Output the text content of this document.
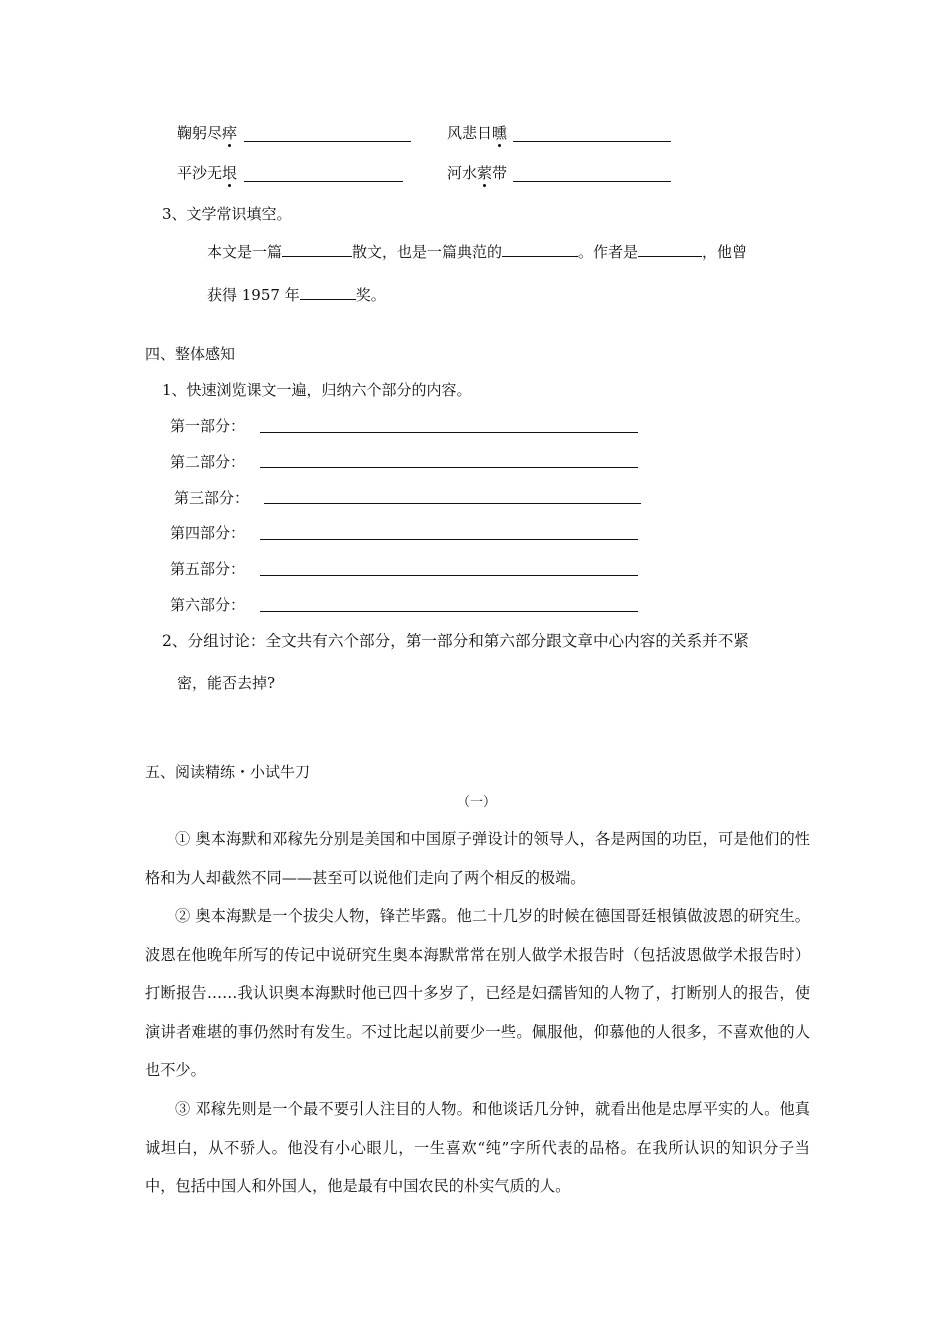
鞠躬尽瘁	风悲日曛
平沙无垠	河水萦带
3、文学常识填空。
本文是一篇	散文，也是一篇典范的	。作者是	，他曾
获得 1957 年	奖。
四、整体感知
1、快速浏览课文一遍，归纳六个部分的内容。
第一部分：
第二部分：
第三部分：
第四部分：
第五部分：
第六部分：
2、分组讨论：全文共有六个部分，第一部分和第六部分跟文章中心内容的关系并不紧
密，能否去掉?
五、阅读精练・小试牛刀
（一）

① 奥本海默和邓稼先分别是美国和中国原子弹设计的领导人，各是两国的功臣，可是他们的性格和为人却截然不同——甚至可以说他们走向了两个相反的极端。

② 奥本海默是一个拔尖人物，锋芒毕露。他二十几岁的时候在德国哥廷根镇做波恩的研究生。波恩在他晚年所写的传记中说研究生奥本海默常常在别人做学术报告时（包括波恩做学术报告时）打断报告……我认识奥本海默时他已四十多岁了，已经是妇孺皆知的人物了，打断别人的报告，使演讲者难堪的事仍然时有发生。不过比起以前要少一些。佩服他，仰慕他的人很多，不喜欢他的人也不少。

③ 邓稼先则是一个最不要引人注目的人物。和他谈话几分钟，就看出他是忠厚平实的人。他真诚坦白，从不骄人。他没有小心眼儿，一生喜欢“纯”字所代表的品格。在我所认识的知识分子当中，包括中国人和外国人，他是最有中国农民的朴实气质的人。
